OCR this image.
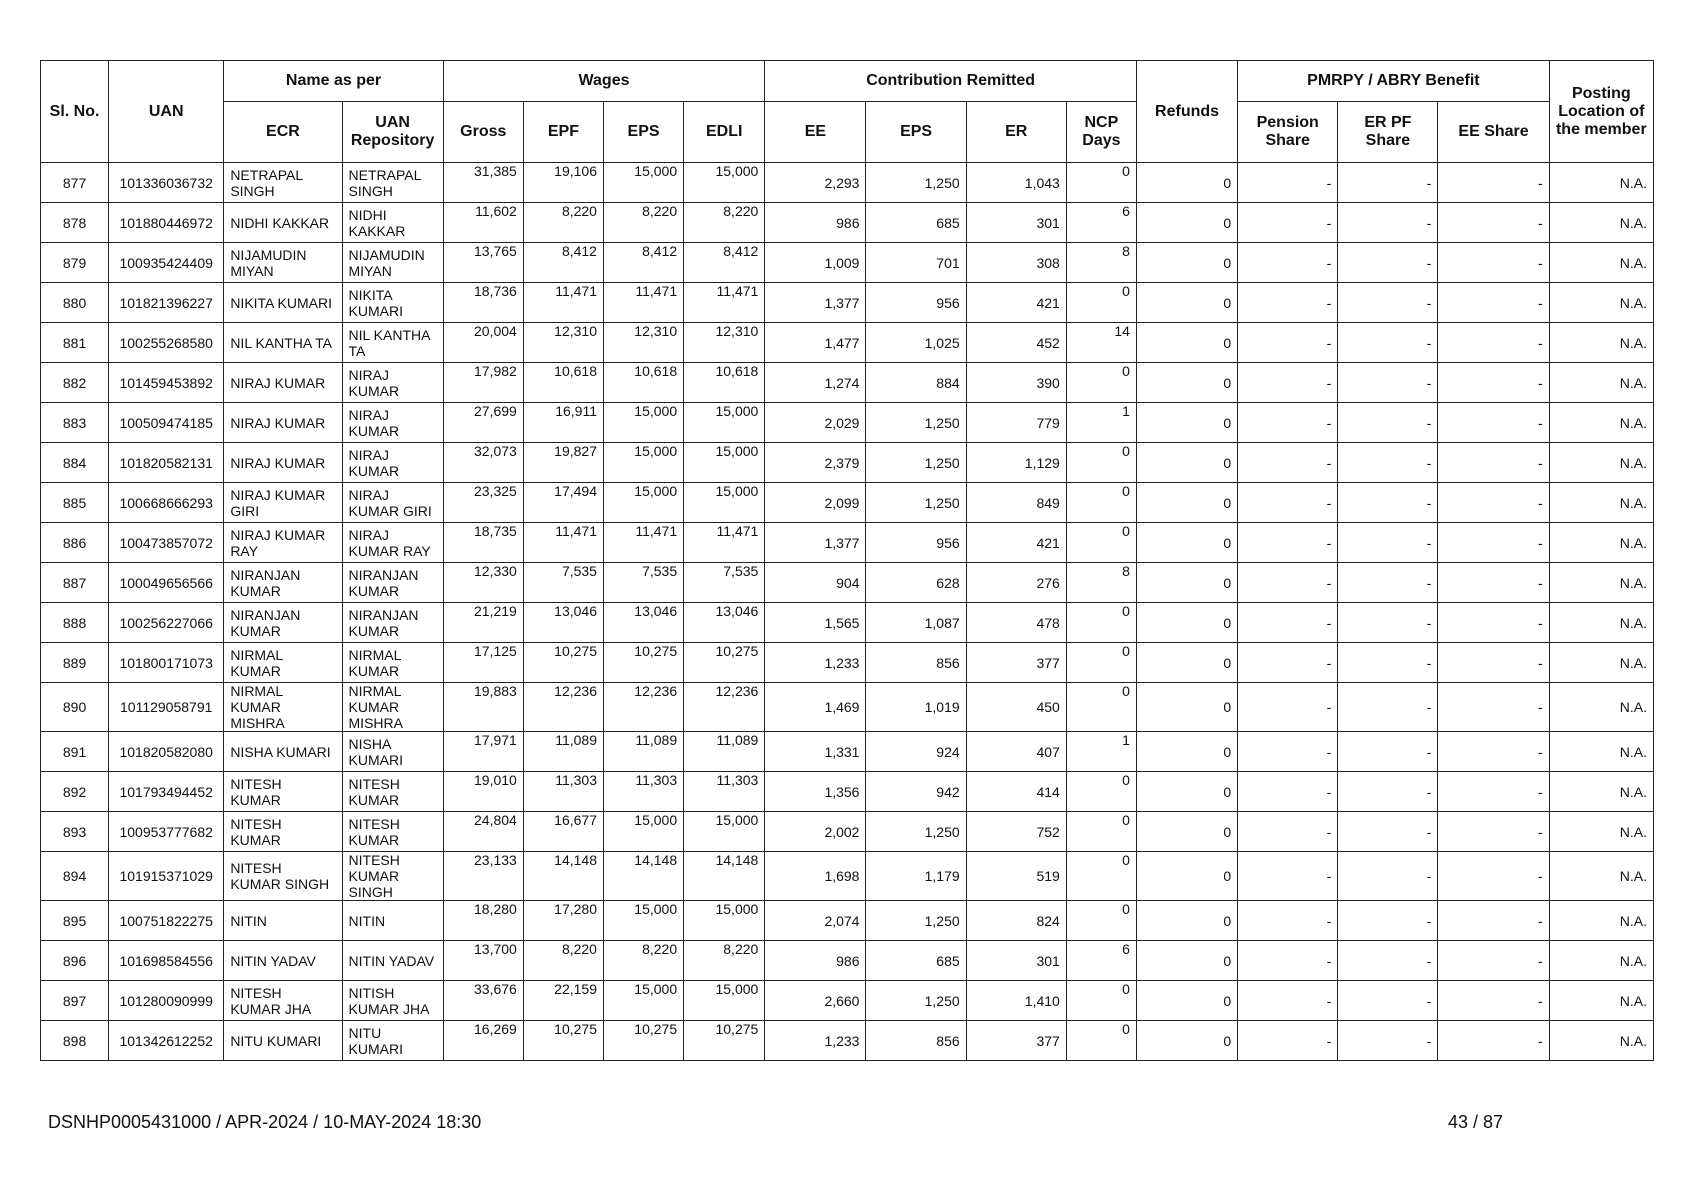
Sl. No.	UAN	Name as per		Wages				Contribution Remitted				Refunds	PMRPY / ABRY Benefit			Posting Location of the member
		ECR	UAN Repository	Gross	EPF	EPS	EDLI	EE	EPS	ER	NCP Days		Pension Share	ER PF Share	EE Share	
877	101336036732	NETRAPAL SINGH	NETRAPAL SINGH	31,385	19,106	15,000	15,000	2,293	1,250	1,043	0	0	-	-	-	N.A.
878	101880446972	NIDHI KAKKAR	NIDHI KAKKAR	11,602	8,220	8,220	8,220	986	685	301	6	0	-	-	-	N.A.
879	100935424409	NIJAMUDIN MIYAN	NIJAMUDIN MIYAN	13,765	8,412	8,412	8,412	1,009	701	308	8	0	-	-	-	N.A.
880	101821396227	NIKITA KUMARI	NIKITA KUMARI	18,736	11,471	11,471	11,471	1,377	956	421	0	0	-	-	-	N.A.
881	100255268580	NIL KANTHA TA	NIL KANTHA TA	20,004	12,310	12,310	12,310	1,477	1,025	452	14	0	-	-	-	N.A.
882	101459453892	NIRAJ KUMAR	NIRAJ KUMAR	17,982	10,618	10,618	10,618	1,274	884	390	0	0	-	-	-	N.A.
883	100509474185	NIRAJ KUMAR	NIRAJ KUMAR	27,699	16,911	15,000	15,000	2,029	1,250	779	1	0	-	-	-	N.A.
884	101820582131	NIRAJ KUMAR	NIRAJ KUMAR	32,073	19,827	15,000	15,000	2,379	1,250	1,129	0	0	-	-	-	N.A.
885	100668666293	NIRAJ KUMAR GIRI	NIRAJ KUMAR GIRI	23,325	17,494	15,000	15,000	2,099	1,250	849	0	0	-	-	-	N.A.
886	100473857072	NIRAJ KUMAR RAY	NIRAJ KUMAR RAY	18,735	11,471	11,471	11,471	1,377	956	421	0	0	-	-	-	N.A.
887	100049656566	NIRANJAN KUMAR	NIRANJAN KUMAR	12,330	7,535	7,535	7,535	904	628	276	8	0	-	-	-	N.A.
888	100256227066	NIRANJAN KUMAR	NIRANJAN KUMAR	21,219	13,046	13,046	13,046	1,565	1,087	478	0	0	-	-	-	N.A.
889	101800171073	NIRMAL KUMAR	NIRMAL KUMAR	17,125	10,275	10,275	10,275	1,233	856	377	0	0	-	-	-	N.A.
890	101129058791	NIRMAL KUMAR MISHRA	NIRMAL KUMAR MISHRA	19,883	12,236	12,236	12,236	1,469	1,019	450	0	0	-	-	-	N.A.
891	101820582080	NISHA KUMARI	NISHA KUMARI	17,971	11,089	11,089	11,089	1,331	924	407	1	0	-	-	-	N.A.
892	101793494452	NITESH KUMAR	NITESH KUMAR	19,010	11,303	11,303	11,303	1,356	942	414	0	0	-	-	-	N.A.
893	100953777682	NITESH KUMAR	NITESH KUMAR	24,804	16,677	15,000	15,000	2,002	1,250	752	0	0	-	-	-	N.A.
894	101915371029	NITESH KUMAR SINGH	NITESH KUMAR SINGH	23,133	14,148	14,148	14,148	1,698	1,179	519	0	0	-	-	-	N.A.
895	100751822275	NITIN	NITIN	18,280	17,280	15,000	15,000	2,074	1,250	824	0	0	-	-	-	N.A.
896	101698584556	NITIN YADAV	NITIN YADAV	13,700	8,220	8,220	8,220	986	685	301	6	0	-	-	-	N.A.
897	101280090999	NITESH KUMAR JHA	NITISH KUMAR JHA	33,676	22,159	15,000	15,000	2,660	1,250	1,410	0	0	-	-	-	N.A.
898	101342612252	NITU KUMARI	NITU KUMARI	16,269	10,275	10,275	10,275	1,233	856	377	0	0	-	-	-	N.A.
DSNHP0005431000 / APR-2024 / 10-MAY-2024 18:30	43 / 87
